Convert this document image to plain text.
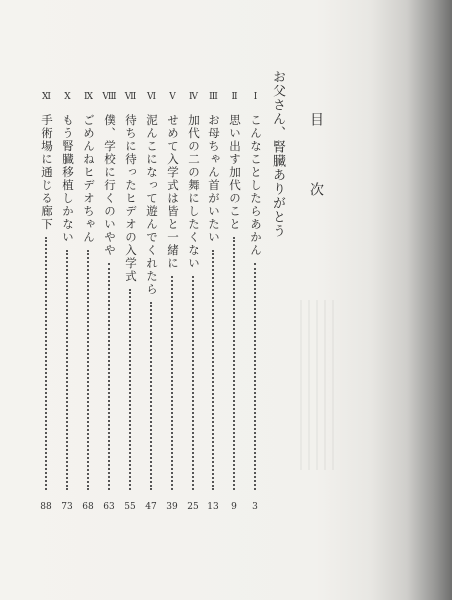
目 次
お父さん、腎臓ありがとう
I
こんなことしたらあかん
3
II
思い出す加代のこと
9
III
お母ちゃん首がいたい
13
IV
加代の二の舞にしたくない
25
V
せめて入学式は皆と一緒に
39
VI
泥んこになって遊んでくれたら
47
VII
待ちに待ったヒデオの入学式
55
VIII
僕、学校に行くのいやや
63
IX
ごめんねヒデオちゃん
68
X
もう腎臓移植しかない
73
XI
手術場に通じる廊下
88
